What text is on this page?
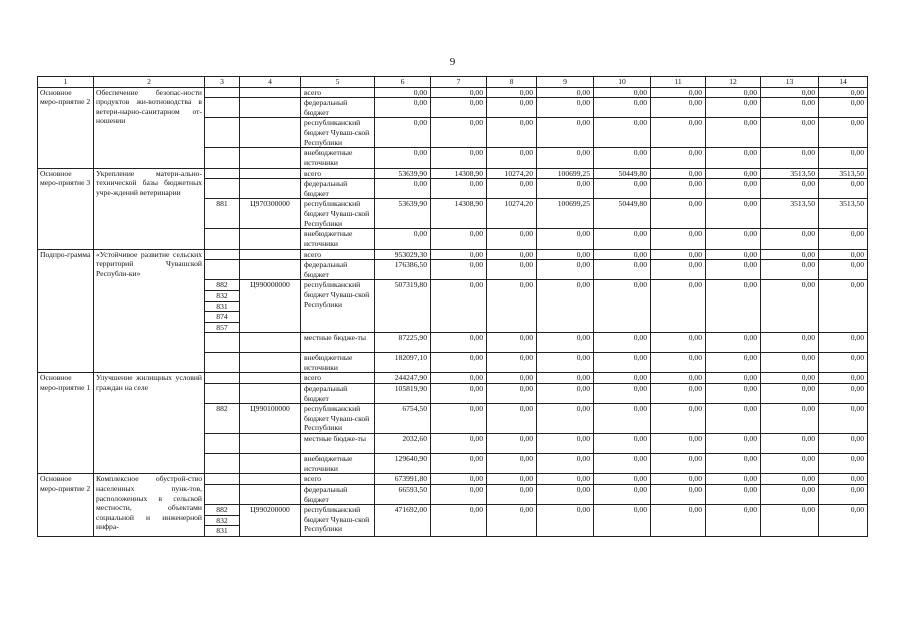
9
1	2	3	4	5	6	7	8	9	10	11	12	13	14
Основное меро-приятие 2	Обеспечение безопас-ности продуктов жи-вотноводства в ветери-нарно-санитарном от-ношении			всего	0,00	0,00	0,00	0,00	0,00	0,00	0,00	0,00	0,00
				федеральный бюджет	0,00	0,00	0,00	0,00	0,00	0,00	0,00	0,00	0,00
				республиканский бюджет Чуваш-ской Республики	0,00	0,00	0,00	0,00	0,00	0,00	0,00	0,00	0,00
				внебюджетные источники	0,00	0,00	0,00	0,00	0,00	0,00	0,00	0,00	0,00
Основное меро-приятие 3	Укрепление матери-ально-технической базы бюджетных учре-ждений ветеринарии			всего	53639,90	14308,90	10274,20	100699,25	50449,80	0,00	0,00	3513,50	3513,50
				федеральный бюджет	0,00	0,00	0,00	0,00	0,00	0,00	0,00	0,00	0,00
		881	Ц970300000	республиканский бюджет Чуваш-ской Республики	53639,90	14308,90	10274,20	100699,25	50449,80	0,00	0,00	3513,50	3513,50
				внебюджетные источники	0,00	0,00	0,00	0,00	0,00	0,00	0,00	0,00	0,00
Подпро-грамма	«Устойчивое развитие сельских территорий Чувашской Республи-ки»			всего	953029,30	0,00	0,00	0,00	0,00	0,00	0,00	0,00	0,00
				федеральный бюджет	176386,50	0,00	0,00	0,00	0,00	0,00	0,00	0,00	0,00
		882	Ц990000000	республиканский бюджет Чуваш-ской Республики	507319,80	0,00	0,00	0,00	0,00	0,00	0,00	0,00	0,00
		832											
		831											
		874											
		857											
				местные бюдже-ты	87225,90	0,00	0,00	0,00	0,00	0,00	0,00	0,00	0,00
				внебюджетные источники	182097,10	0,00	0,00	0,00	0,00	0,00	0,00	0,00	0,00
Основное меро-приятие 1	Улучшение жилищных условий граждан на селе			всего	244247,90	0,00	0,00	0,00	0,00	0,00	0,00	0,00	0,00
				федеральный бюджет	105819,90	0,00	0,00	0,00	0,00	0,00	0,00	0,00	0,00
		882	Ц990100000	республиканский бюджет Чуваш-ской Республики	6754,50	0,00	0,00	0,00	0,00	0,00	0,00	0,00	0,00
				местные бюдже-ты	2032,60	0,00	0,00	0,00	0,00	0,00	0,00	0,00	0,00
				внебюджетные источники	129640,90	0,00	0,00	0,00	0,00	0,00	0,00	0,00	0,00
Основное меро-приятие 2	Комплексное обустрой-ство населенных пунк-тов, расположенных в сельской местности, объектами социальной и инженерной инфра-			всего	673991,80	0,00	0,00	0,00	0,00	0,00	0,00	0,00	0,00
				федеральный бюджет	66593,50	0,00	0,00	0,00	0,00	0,00	0,00	0,00	0,00
		882	Ц990200000	республиканский бюджет Чуваш-ской Республики	471692,00	0,00	0,00	0,00	0,00	0,00	0,00	0,00	0,00
		832											
		831											
